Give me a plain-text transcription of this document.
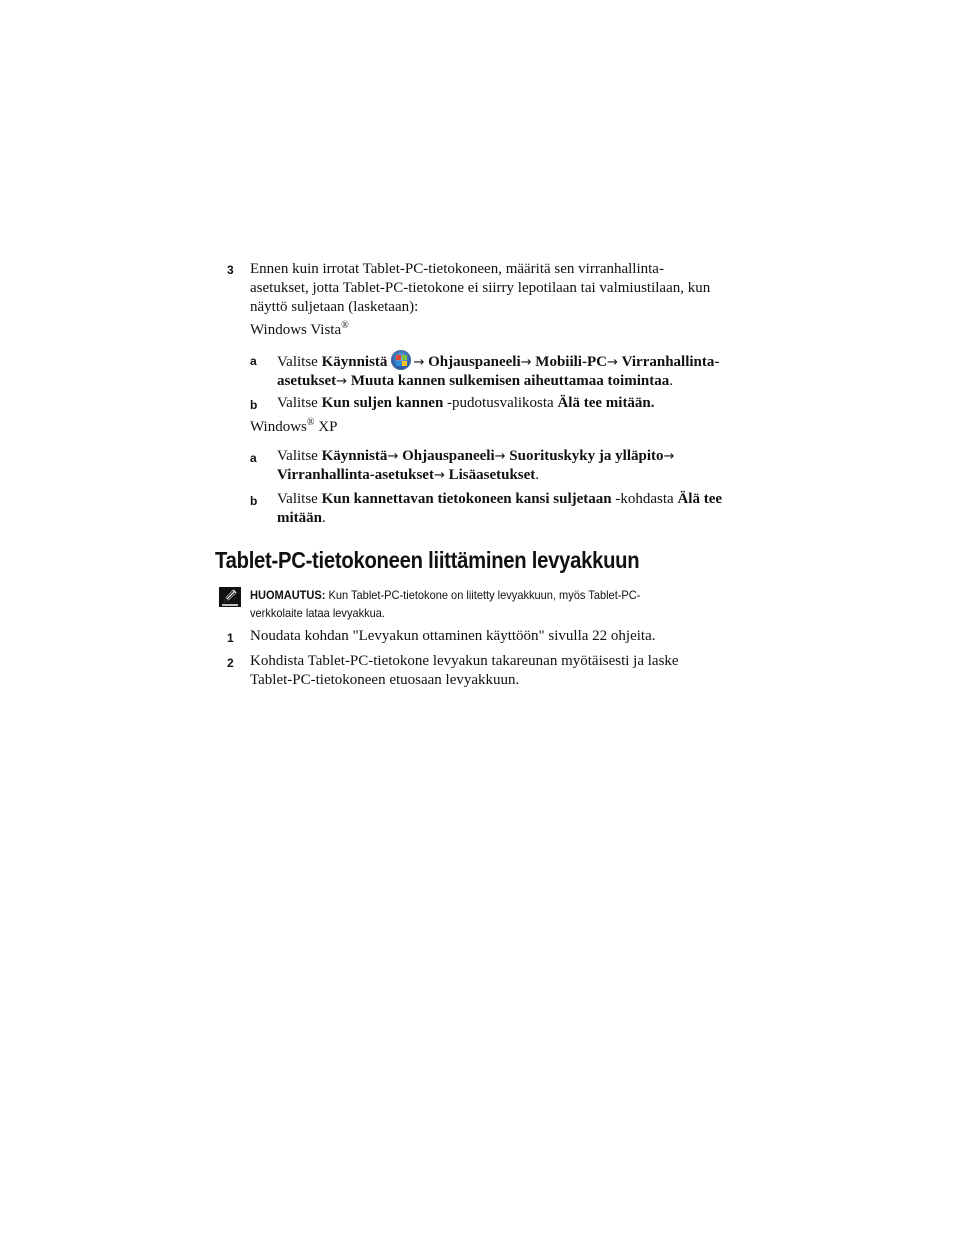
3 Ennen kuin irrotat Tablet-PC-tietokoneen, määritä sen virranhallinta-
asetukset, jotta Tablet-PC-tietokone ei siirry lepotilaan tai valmiustilaan, kun
näyttö suljetaan (lasketaan):
Windows Vista®
a Valitse Käynnistä → Ohjauspaneeli→ Mobiili-PC→ Virranhallinta-
asetukset→ Muuta kannen sulkemisen aiheuttamaa toimintaa.
b Valitse Kun suljen kannen -pudotusvalikosta Älä tee mitään.
Windows® XP
a Valitse Käynnistä→ Ohjauspaneeli→ Suorituskyky ja ylläpito→
Virranhallinta-asetukset→ Lisäasetukset.
b Valitse Kun kannettavan tietokoneen kansi suljetaan -kohdasta Älä tee
mitään.
Tablet-PC-tietokoneen liittäminen levyakkuun
HUOMAUTUS: Kun Tablet-PC-tietokone on liitetty levyakkuun, myös Tablet-PC-
verkkolaite lataa levyakkua.
1 Noudata kohdan "Levyakun ottaminen käyttöön" sivulla 22 ohjeita.
2 Kohdista Tablet-PC-tietokone levyakun takareunan myötäisesti ja laske
Tablet-PC-tietokoneen etuosaan levyakkuun.
